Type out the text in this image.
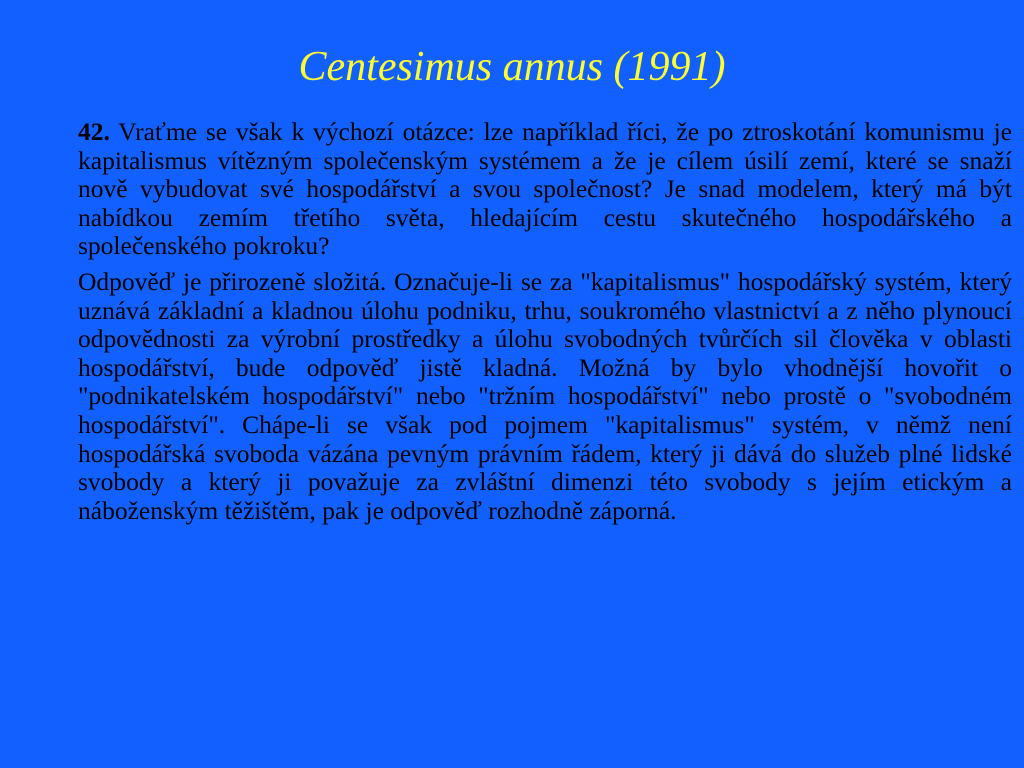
Centesimus annus (1991)

42. Vraťme se však k výchozí otázce: lze například říci, že po ztroskotání komunismu je kapitalismus vítězným společenským systémem a že je cílem úsilí zemí, které se snaží nově vybudovat své hospodářství a svou společnost? Je snad modelem, který má být nabídkou zemím třetího světa, hledajícím cestu skutečného hospodářského a společenského pokroku?

Odpověď je přirozeně složitá. Označuje-li se za "kapitalismus" hospodářský systém, který uznává základní a kladnou úlohu podniku, trhu, soukromého vlastnictví a z něho plynoucí odpovědnosti za výrobní prostředky a úlohu svobodných tvůrčích sil člověka v oblasti hospodářství, bude odpověď jistě kladná. Možná by bylo vhodnější hovořit o "podnikatelském hospodářství" nebo "tržním hospodářství" nebo prostě o "svobodném hospodářství". Chápe-li se však pod pojmem "kapitalismus" systém, v němž není hospodářská svoboda vázána pevným právním řádem, který ji dává do služeb plné lidské svobody a který ji považuje za zvláštní dimenzi této svobody s jejím etickým a náboženským těžištěm, pak je odpověď rozhodně záporná.
